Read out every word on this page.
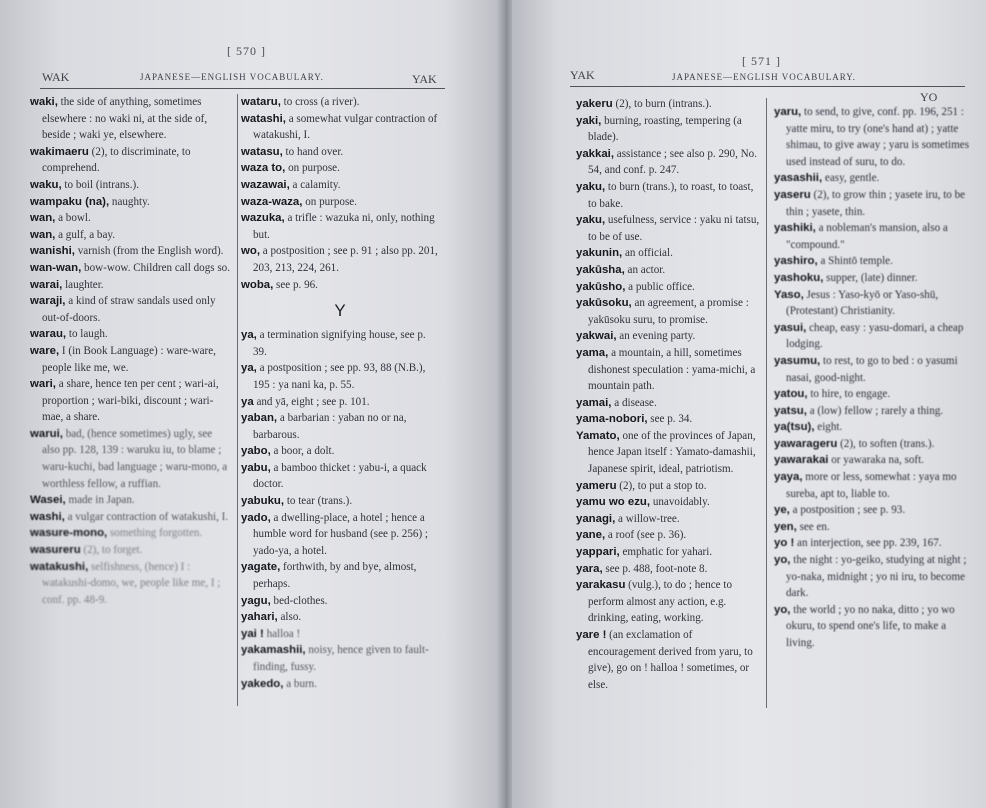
[ 570 ]
WAK	JAPANESE—ENGLISH VOCABULARY.	YAK

waki, the side of anything, sometimes elsewhere : no waki ni, at the side of, beside ; waki ye, elsewhere.

wakimaeru (2), to discriminate, to comprehend.

waku, to boil (intrans.).

wampaku (na), naughty.

wan, a bowl.

wan, a gulf, a bay.

wanishi, varnish (from the English word).

wan-wan, bow-wow. Children call dogs so.

warai, laughter.

waraji, a kind of straw sandals used only out-of-doors.

warau, to laugh.

ware, I (in Book Language) : ware-ware, people like me, we.

wari, a share, hence ten per cent ; wari-ai, proportion ; wari-biki, discount ; wari-mae, a share.

warui, bad, (hence sometimes) ugly, see also pp. 128, 139 : waruku iu, to blame ; waru-kuchi, bad language ; waru-mono, a worthless fellow, a ruffian.

Wasei, made in Japan.

washi, a vulgar contraction of watakushi, I.

wasure-mono, something forgotten.

wasureru (2), to forget.

watakushi, selfishness, (hence) I : watakushi-domo, we, people like me, I ; conf. pp. 48-9.

wataru, to cross (a river).

watashi, a somewhat vulgar contraction of watakushi, I.

watasu, to hand over.

waza to, on purpose.

wazawai, a calamity.

waza-waza, on purpose.

wazuka, a trifle : wazuka ni, only, nothing but.

wo, a postposition ; see p. 91 ; also pp. 201, 203, 213, 224, 261.

woba, see p. 96.

Y

ya, a termination signifying house, see p. 39.

ya, a postposition ; see pp. 93, 88 (N.B.), 195 : ya nani ka, p. 55.

ya and yā, eight ; see p. 101.

yaban, a barbarian : yaban no or na, barbarous.

yabo, a boor, a dolt.

yabu, a bamboo thicket : yabu-i, a quack doctor.

yabuku, to tear (trans.).

yado, a dwelling-place, a hotel ; hence a humble word for husband (see p. 256) ; yado-ya, a hotel.

yagate, forthwith, by and bye, almost, perhaps.

yagu, bed-clothes.

yahari, also.

yai ! halloa !

yakamashii, noisy, hence given to fault-finding, fussy.

yakedo, a burn.

[ 571 ]
YAK	JAPANESE—ENGLISH VOCABULARY.
YO

yakeru (2), to burn (intrans.).

yaki, burning, roasting, tempering (a blade).

yakkai, assistance ; see also p. 290, No. 54, and conf. p. 247.

yaku, to burn (trans.), to roast, to toast, to bake.

yaku, usefulness, service : yaku ni tatsu, to be of use.

yakunin, an official.

yakūsha, an actor.

yakūsho, a public office.

yakūsoku, an agreement, a promise : yakūsoku suru, to promise.

yakwai, an evening party.

yama, a mountain, a hill, sometimes dishonest speculation : yama-michi, a mountain path.

yamai, a disease.

yama-nobori, see p. 34.

Yamato, one of the provinces of Japan, hence Japan itself : Yamato-damashii, Japanese spirit, ideal, patriotism.

yameru (2), to put a stop to.

yamu wo ezu, unavoidably.

yanagi, a willow-tree.

yane, a roof (see p. 36).

yappari, emphatic for yahari.

yara, see p. 488, foot-note 8.

yarakasu (vulg.), to do ; hence to perform almost any action, e.g. drinking, eating, working.

yare ! (an exclamation of encouragement derived from yaru, to give), go on ! halloa ! sometimes, or else.

yaru, to send, to give, conf. pp. 196, 251 : yatte miru, to try (one's hand at) ; yatte shimau, to give away ; yaru is sometimes used instead of suru, to do.

yasashii, easy, gentle.

yaseru (2), to grow thin ; yasete iru, to be thin ; yasete, thin.

yashiki, a nobleman's mansion, also a "compound."

yashiro, a Shintō temple.

yashoku, supper, (late) dinner.

Yaso, Jesus : Yaso-kyō or Yaso-shū, (Protestant) Christianity.

yasui, cheap, easy : yasu-domari, a cheap lodging.

yasumu, to rest, to go to bed : o yasumi nasai, good-night.

yatou, to hire, to engage.

yatsu, a (low) fellow ; rarely a thing.

ya(tsu), eight.

yawarageru (2), to soften (trans.).

yawarakai or yawaraka na, soft.

yaya, more or less, somewhat : yaya mo sureba, apt to, liable to.

ye, a postposition ; see p. 93.

yen, see en.

yo ! an interjection, see pp. 239, 167.

yo, the night : yo-geiko, studying at night ; yo-naka, midnight ; yo ni iru, to become dark.

yo, the world ; yo no naka, ditto ; yo wo okuru, to spend one's life, to make a living.
